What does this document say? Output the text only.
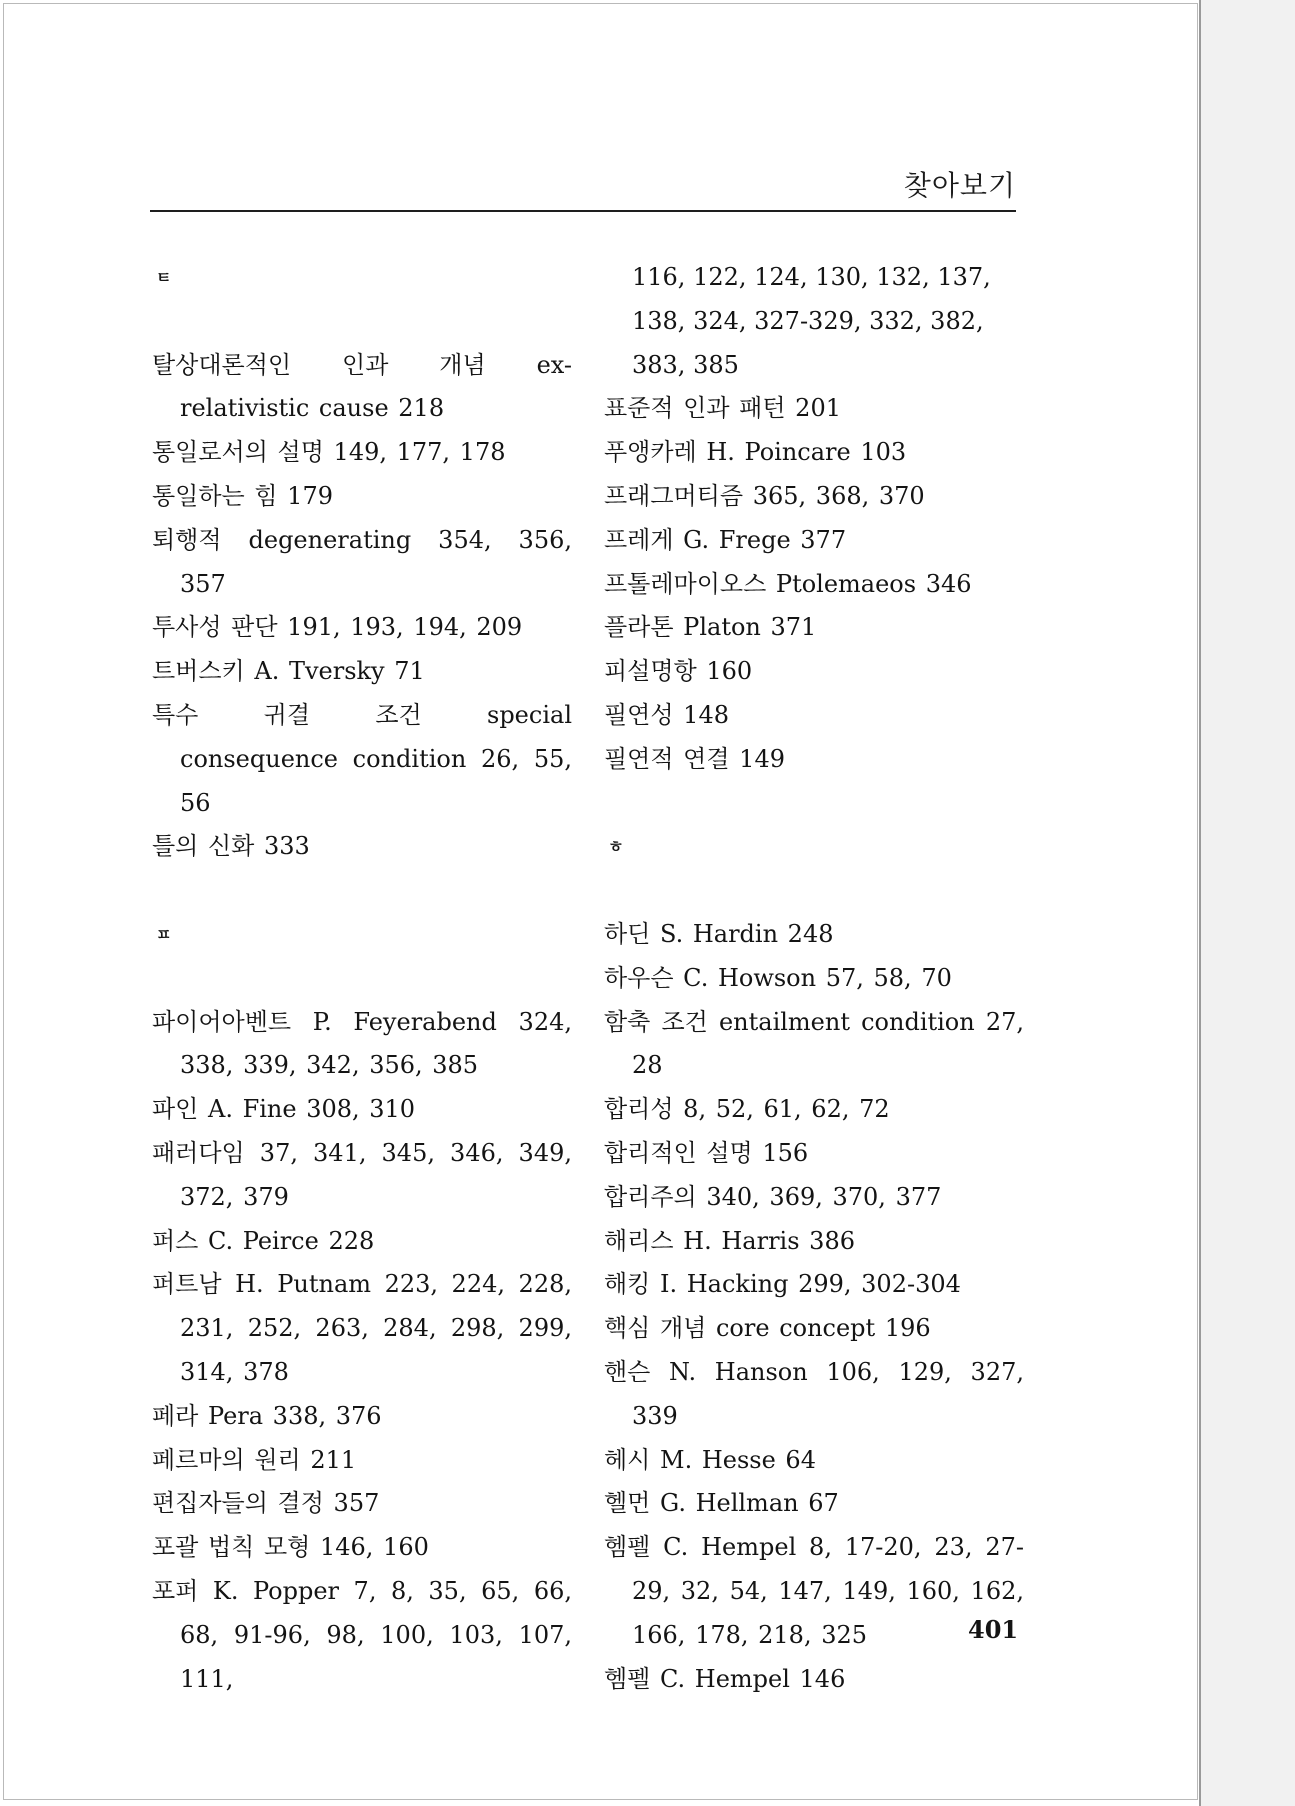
찾아보기
ㅌ
탈상대론적인 인과 개념 ex-relativistic cause 218
통일로서의 설명 149, 177, 178
통일하는 힘 179
퇴행적 degenerating 354, 356, 357
투사성 판단 191, 193, 194, 209
트버스키 A. Tversky 71
특수 귀결 조건 special consequence condition 26, 55, 56
틀의 신화 333
ㅍ
파이어아벤트 P. Feyerabend 324, 338, 339, 342, 356, 385
파인 A. Fine 308, 310
패러다임 37, 341, 345, 346, 349, 372, 379
퍼스 C. Peirce 228
퍼트남 H. Putnam 223, 224, 228, 231, 252, 263, 284, 298, 299, 314, 378
페라 Pera 338, 376
페르마의 원리 211
편집자들의 결정 357
포괄 법칙 모형 146, 160
포퍼 K. Popper 7, 8, 35, 65, 66, 68, 91-96, 98, 100, 103, 107, 111,
116, 122, 124, 130, 132, 137, 138, 324, 327-329, 332, 382, 383, 385
표준적 인과 패턴 201
푸앵카레 H. Poincare 103
프래그머티즘 365, 368, 370
프레게 G. Frege 377
프톨레마이오스 Ptolemaeos 346
플라톤 Platon 371
피설명항 160
필연성 148
필연적 연결 149
ㅎ
하딘 S. Hardin 248
하우슨 C. Howson 57, 58, 70
함축 조건 entailment condition 27, 28
합리성 8, 52, 61, 62, 72
합리적인 설명 156
합리주의 340, 369, 370, 377
해리스 H. Harris 386
해킹 I. Hacking 299, 302-304
핵심 개념 core concept 196
핸슨 N. Hanson 106, 129, 327, 339
헤시 M. Hesse 64
헬먼 G. Hellman 67
헴펠 C. Hempel 8, 17-20, 23, 27-29, 32, 54, 147, 149, 160, 162, 166, 178, 218, 325
헴펠 C. Hempel 146
401
